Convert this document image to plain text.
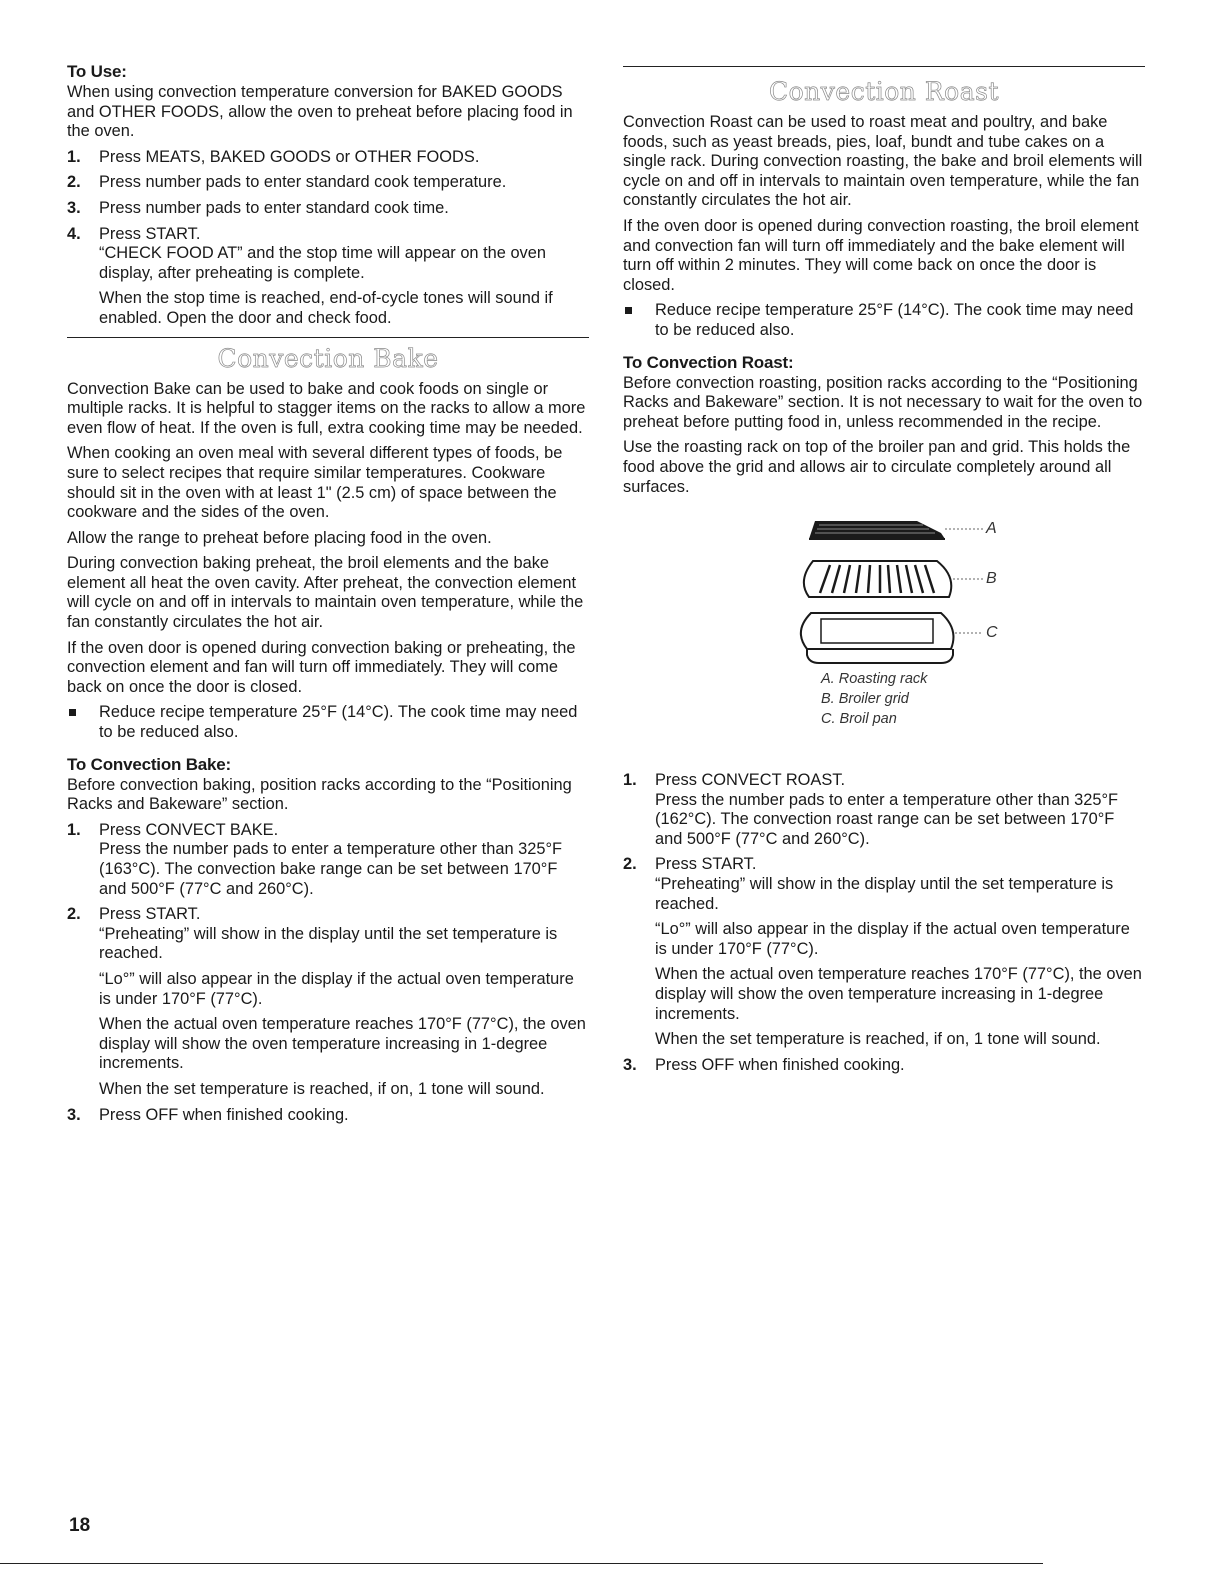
To Use:

When using convection temperature conversion for BAKED GOODS and OTHER FOODS, allow the oven to preheat before placing food in the oven.

1. Press MEATS, BAKED GOODS or OTHER FOODS.
2. Press number pads to enter standard cook temperature.
3. Press number pads to enter standard cook time.
4. Press START.

“CHECK FOOD AT” and the stop time will appear on the oven display, after preheating is complete.

When the stop time is reached, end-of-cycle tones will sound if enabled. Open the door and check food.

Convection Bake

Convection Bake can be used to bake and cook foods on single or multiple racks. It is helpful to stagger items on the racks to allow a more even flow of heat. If the oven is full, extra cooking time may be needed.

When cooking an oven meal with several different types of foods, be sure to select recipes that require similar temperatures. Cookware should sit in the oven with at least 1" (2.5 cm) of space between the cookware and the sides of the oven.

Allow the range to preheat before placing food in the oven.

During convection baking preheat, the broil elements and the bake element all heat the oven cavity. After preheat, the convection element will cycle on and off in intervals to maintain oven temperature, while the fan constantly circulates the hot air.

If the oven door is opened during convection baking or preheating, the convection element and fan will turn off immediately. They will come back on once the door is closed.

Reduce recipe temperature 25°F (14°C). The cook time may need to be reduced also.
To Convection Bake:

Before convection baking, position racks according to the “Positioning Racks and Bakeware” section.

1. Press CONVECT BAKE.

Press the number pads to enter a temperature other than 325°F (163°C). The convection bake range can be set between 170°F and 500°F (77°C and 260°C).

2. Press START.

“Preheating” will show in the display until the set temperature is reached.

“Lo°” will also appear in the display if the actual oven temperature is under 170°F (77°C).

When the actual oven temperature reaches 170°F (77°C), the oven display will show the oven temperature increasing in 1-degree increments.

When the set temperature is reached, if on, 1 tone will sound.

3. Press OFF when finished cooking.
Convection Roast

Convection Roast can be used to roast meat and poultry, and bake foods, such as yeast breads, pies, loaf, bundt and tube cakes on a single rack. During convection roasting, the bake and broil elements will cycle on and off in intervals to maintain oven temperature, while the fan constantly circulates the hot air.

If the oven door is opened during convection roasting, the broil element and convection fan will turn off immediately and the bake element will turn off within 2 minutes. They will come back on once the door is closed.

Reduce recipe temperature 25°F (14°C). The cook time may need to be reduced also.
To Convection Roast:

Before convection roasting, position racks according to the “Positioning Racks and Bakeware” section. It is not necessary to wait for the oven to preheat before putting food in, unless recommended in the recipe.

Use the roasting rack on top of the broiler pan and grid. This holds the food above the grid and allows air to circulate completely around all surfaces.

A
B
C
A. Roasting rack
B. Broiler grid
C. Broil pan
1. Press CONVECT ROAST.

Press the number pads to enter a temperature other than 325°F (162°C). The convection roast range can be set between 170°F and 500°F (77°C and 260°C).

2. Press START.

“Preheating” will show in the display until the set temperature is reached.

“Lo°” will also appear in the display if the actual oven temperature is under 170°F (77°C).

When the actual oven temperature reaches 170°F (77°C), the oven display will show the oven temperature increasing in 1-degree increments.

When the set temperature is reached, if on, 1 tone will sound.

3. Press OFF when finished cooking.
18
